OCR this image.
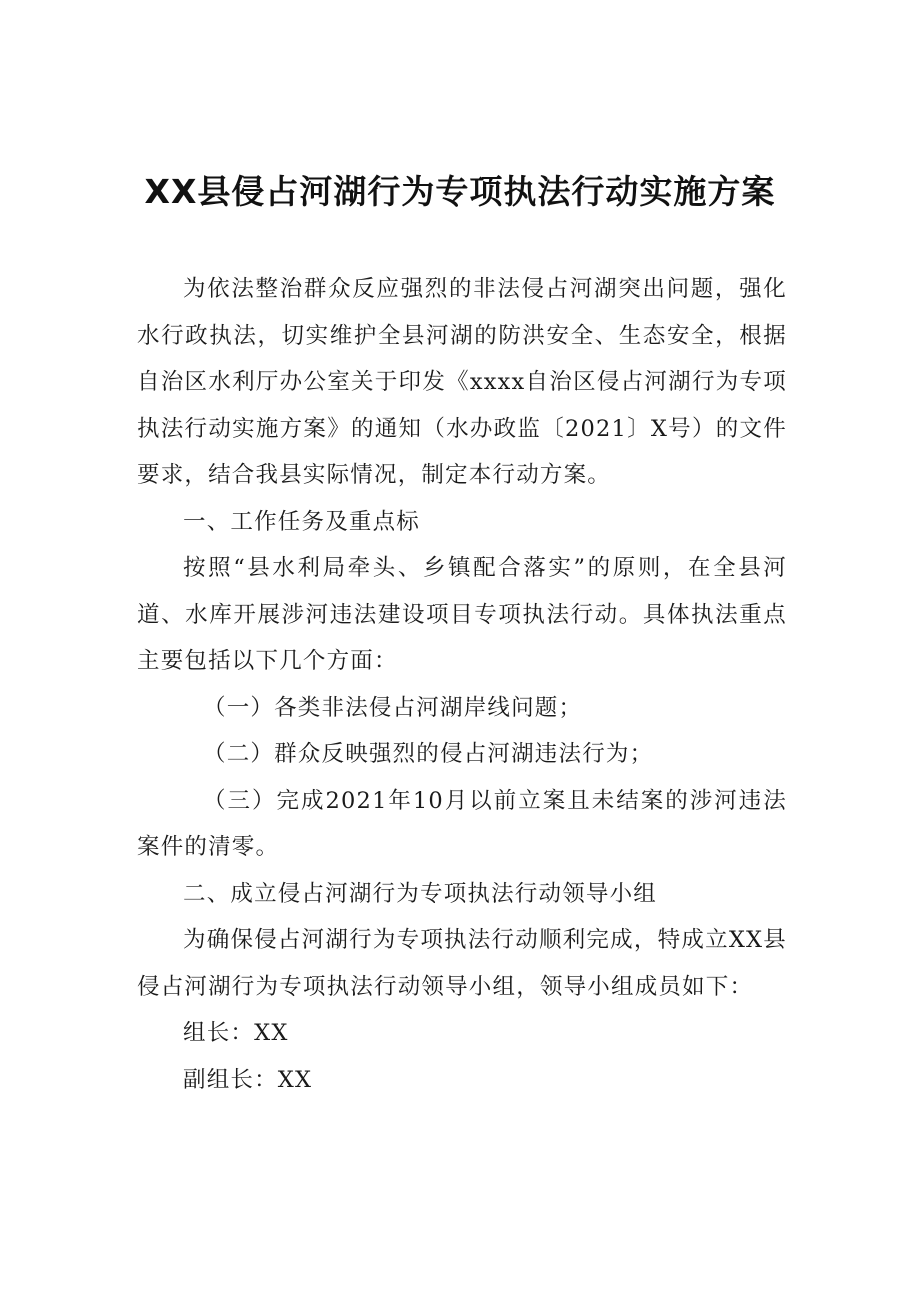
XX县侵占河湖行为专项执法行动实施方案

为依法整治群众反应强烈的非法侵占河湖突出问题，强化水行政执法，切实维护全县河湖的防洪安全、生态安全，根据自治区水利厅办公室关于印发《xxxx自治区侵占河湖行为专项执法行动实施方案》的通知（水办政监〔2021〕X号）的文件要求，结合我县实际情况，制定本行动方案。

一、工作任务及重点标

按照“县水利局牵头、乡镇配合落实”的原则，在全县河道、水库开展涉河违法建设项目专项执法行动。具体执法重点主要包括以下几个方面：

（一）各类非法侵占河湖岸线问题；

（二）群众反映强烈的侵占河湖违法行为；

（三）完成2021年10月以前立案且未结案的涉河违法案件的清零。

二、成立侵占河湖行为专项执法行动领导小组

为确保侵占河湖行为专项执法行动顺利完成，特成立XX县侵占河湖行为专项执法行动领导小组，领导小组成员如下：

组长：XX

副组长：XX
